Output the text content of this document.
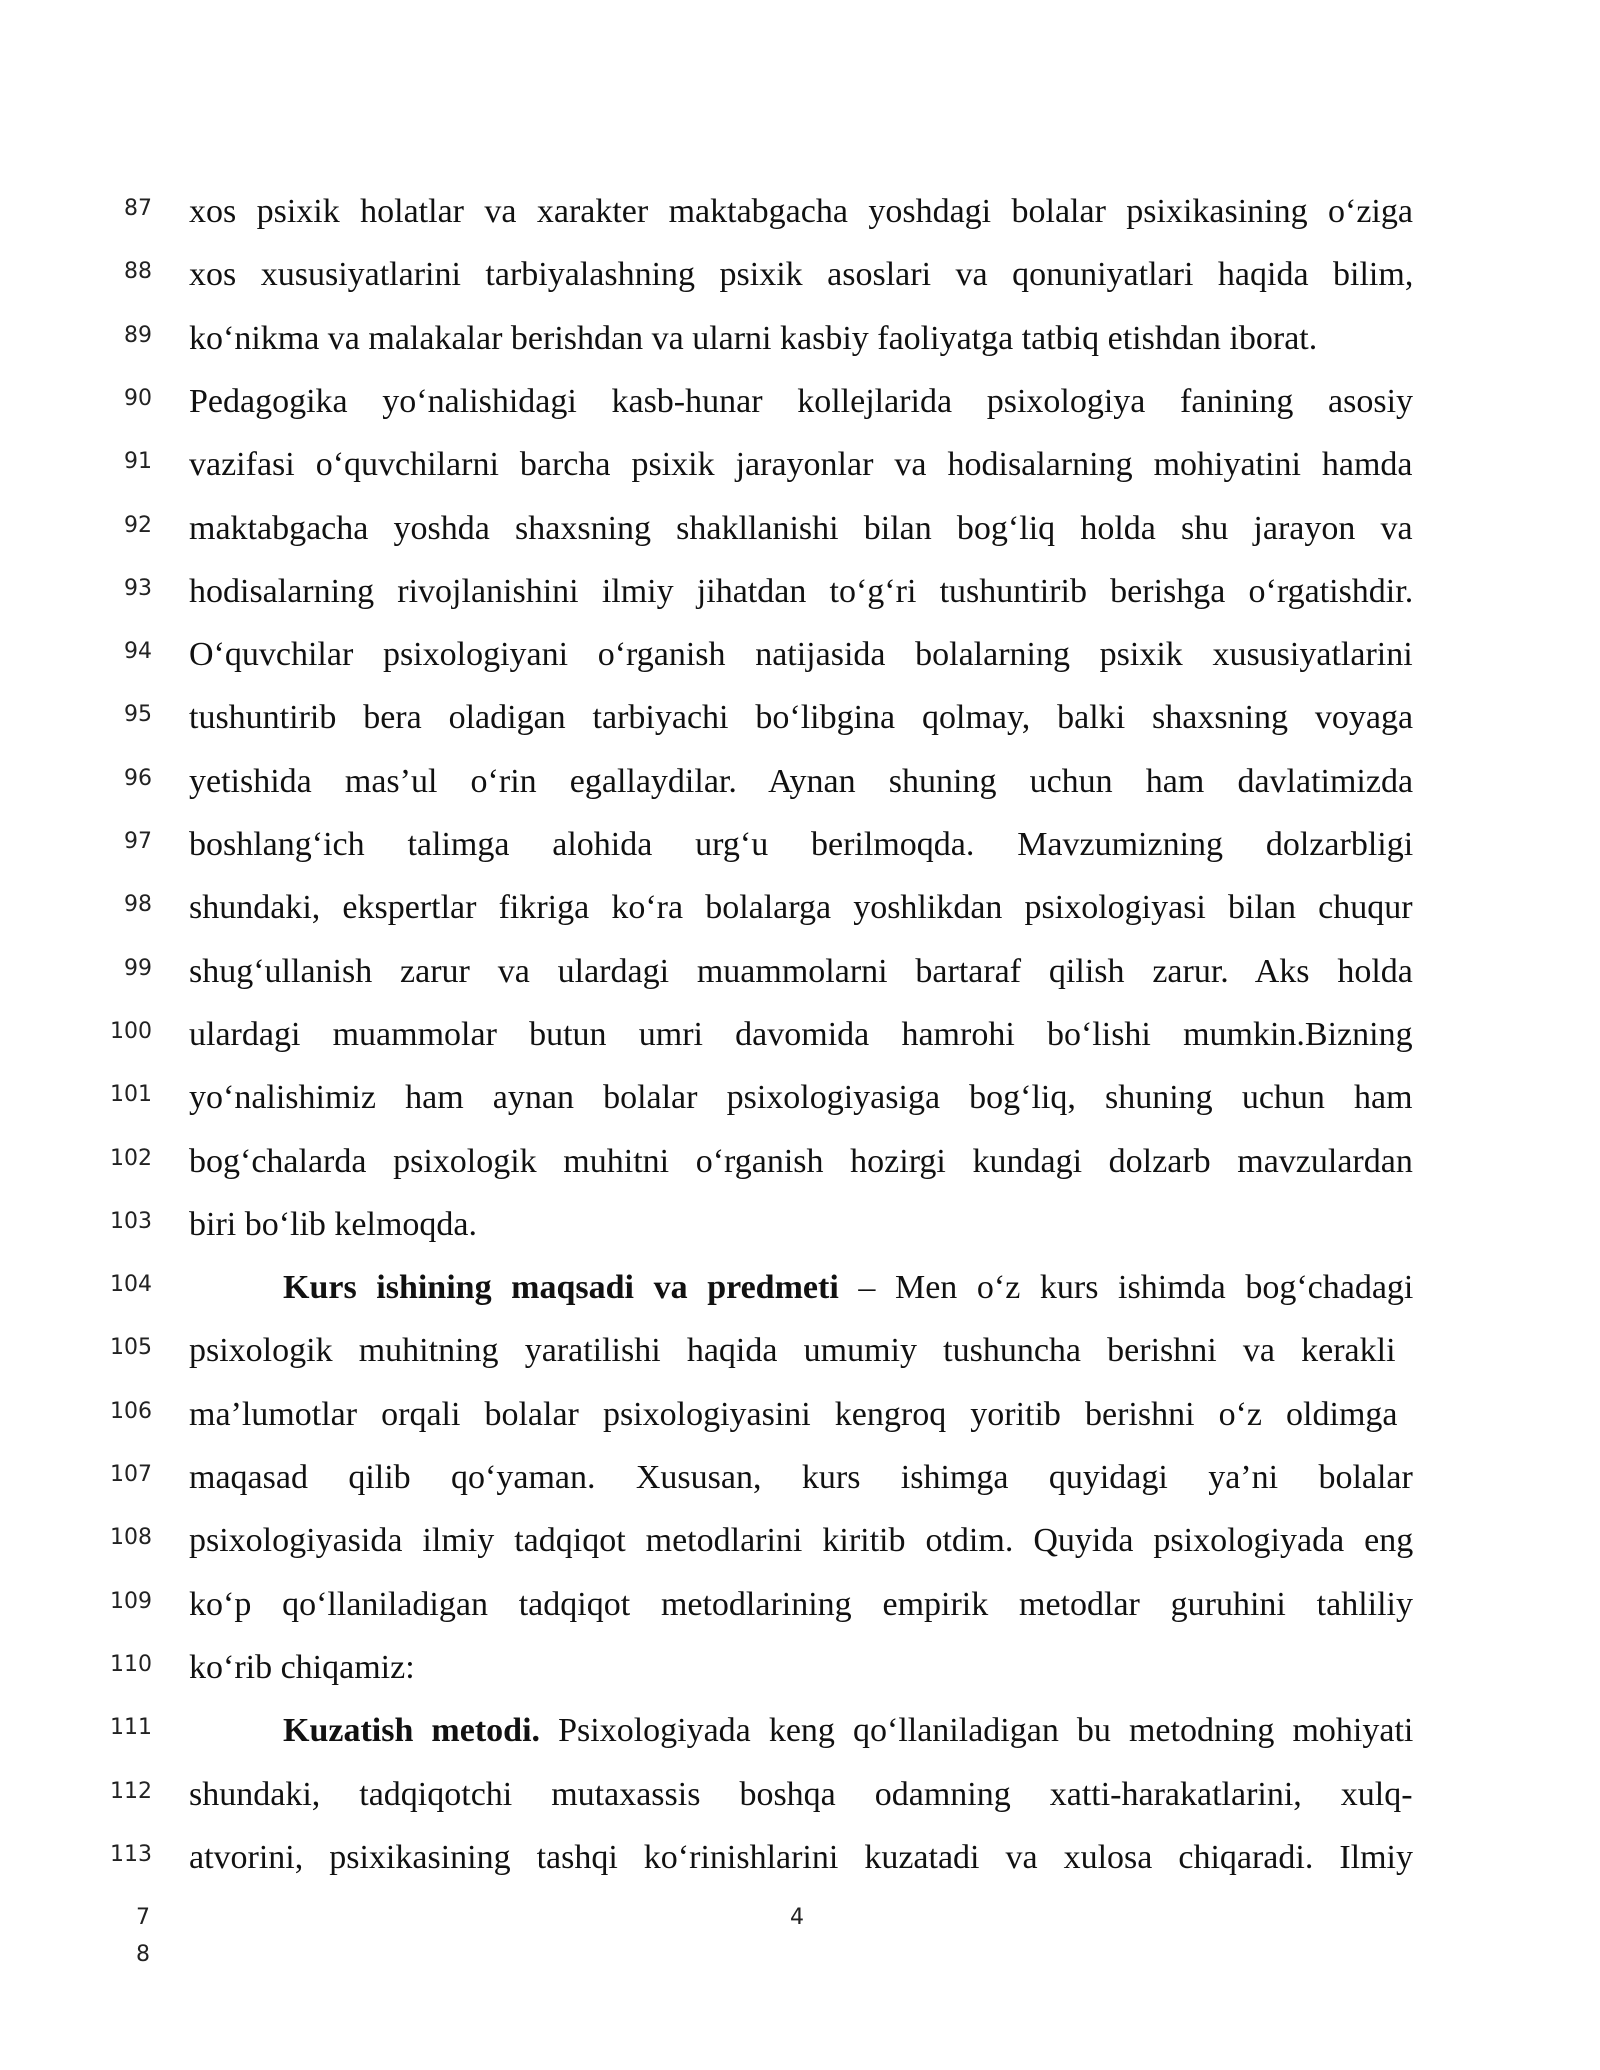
87 xos psixik holatlar va xarakter maktabgacha yoshdagi bolalar psixikasining o‘ziga
88 xos xususiyatlarini tarbiyalashning psixik asoslari va qonuniyatlari haqida bilim,
89 ko‘nikma va malakalar berishdan va ularni kasbiy faoliyatga tatbiq etishdan iborat.
90 Pedagogika yo‘nalishidagi kasb-hunar kollejlarida psixologiya fanining asosiy
91 vazifasi o‘quvchilarni barcha psixik jarayonlar va hodisalarning mohiyatini hamda
92 maktabgacha yoshda shaxsning shakllanishi bilan bog‘liq holda shu jarayon va
93 hodisalarning rivojlanishini ilmiy jihatdan to‘g‘ri tushuntirib berishga o‘rgatishdir.
94 O‘quvchilar psixologiyani o‘rganish natijasida bolalarning psixik xususiyatlarini
95 tushuntirib bera oladigan tarbiyachi bo‘libgina qolmay, balki shaxsning voyaga
96 yetishida mas’ul o‘rin egallaydilar. Aynan shuning uchun ham davlatimizda
97 boshlang‘ich talimga alohida urg‘u berilmoqda. Mavzumizning dolzarbligi
98 shundaki, ekspertlar fikriga ko‘ra bolalarga yoshlikdan psixologiyasi bilan chuqur
99 shug‘ullanish zarur va ulardagi muammolarni bartaraf qilish zarur. Aks holda
100 ulardagi muammolar butun umri davomida hamrohi bo‘lishi mumkin.Bizning
101 yo‘nalishimiz ham aynan bolalar psixologiyasiga bog‘liq, shuning uchun ham
102 bog‘chalarda psixologik muhitni o‘rganish hozirgi kundagi dolzarb mavzulardan
103 biri bo‘lib kelmoqda.
104	Kurs ishining maqsadi va predmeti – Men o‘z kurs ishimda bog‘chadagi
105 psixologik muhitning yaratilishi haqida umumiy tushuncha berishni va kerakli
106 ma’lumotlar orqali bolalar psixologiyasini kengroq yoritib berishni o‘z oldimga
107 maqasad qilib qo‘yaman. Xususan, kurs ishimga quyidagi ya’ni bolalar
108 psixologiyasida ilmiy tadqiqot metodlarini kiritib otdim. Quyida psixologiyada eng
109 ko‘p qo‘llaniladigan tadqiqot metodlarining empirik metodlar guruhini tahliliy
110 ko‘rib chiqamiz:
111	Kuzatish metodi. Psixologiyada keng qo‘llaniladigan bu metodning mohiyati
112 shundaki, tadqiqotchi mutaxassis boshqa odamning xatti-harakatlarini, xulq-
113 atvorini, psixikasining tashqi ko‘rinishlarini kuzatadi va xulosa chiqaradi. Ilmiy
4
7
8
